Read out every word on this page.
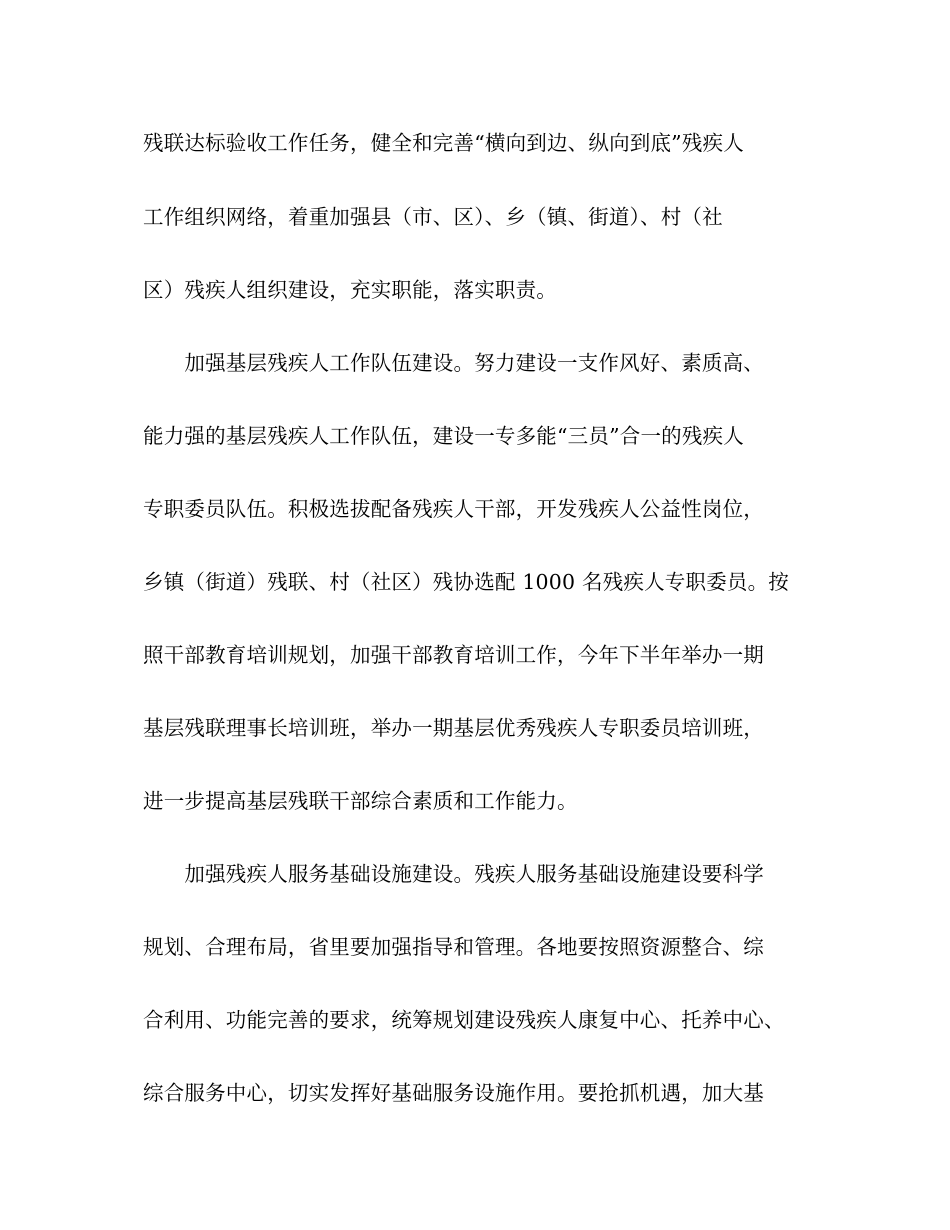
残联达标验收工作任务，健全和完善“横向到边、纵向到底”残疾人
工作组织网络，着重加强县（市、区）、乡（镇、街道）、村（社
区）残疾人组织建设，充实职能，落实职责。
　　加强基层残疾人工作队伍建设。努力建设一支作风好、素质高、
能力强的基层残疾人工作队伍，建设一专多能“三员”合一的残疾人
专职委员队伍。积极选拔配备残疾人干部，开发残疾人公益性岗位，
乡镇（街道）残联、村（社区）残协选配 1000 名残疾人专职委员。按
照干部教育培训规划，加强干部教育培训工作，今年下半年举办一期
基层残联理事长培训班，举办一期基层优秀残疾人专职委员培训班，
进一步提高基层残联干部综合素质和工作能力。
　　加强残疾人服务基础设施建设。残疾人服务基础设施建设要科学
规划、合理布局，省里要加强指导和管理。各地要按照资源整合、综
合利用、功能完善的要求，统筹规划建设残疾人康复中心、托养中心、
综合服务中心，切实发挥好基础服务设施作用。要抢抓机遇，加大基
